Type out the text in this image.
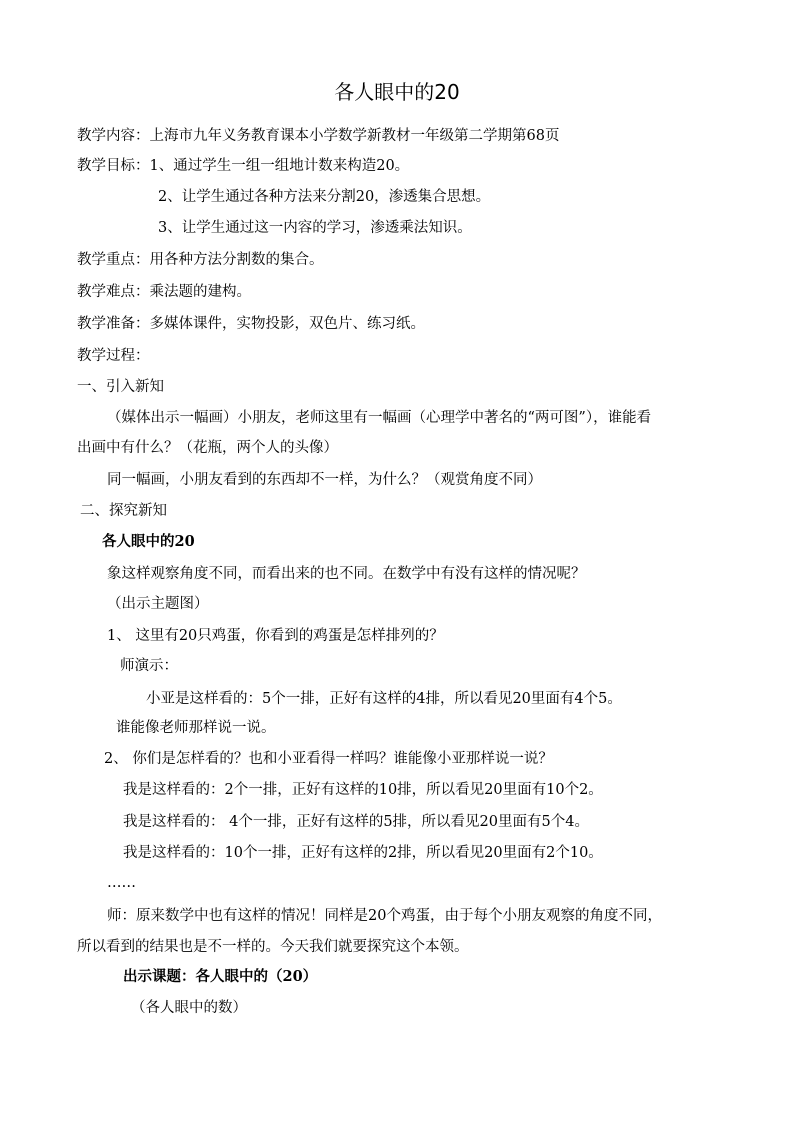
各人眼中的20
教学内容：上海市九年义务教育课本小学数学新教材一年级第二学期第68页
教学目标：1、通过学生一组一组地计数来构造20。
2、让学生通过各种方法来分割20，渗透集合思想。
3、让学生通过这一内容的学习，渗透乘法知识。
教学重点：用各种方法分割数的集合。
教学难点：乘法题的建构。
教学准备：多媒体课件，实物投影，双色片、练习纸。
教学过程：
一、引入新知
（媒体出示一幅画）小朋友，老师这里有一幅画（心理学中著名的“两可图”），谁能看
出画中有什么？（花瓶，两个人的头像）
同一幅画，小朋友看到的东西却不一样，为什么？（观赏角度不同）
二、探究新知
各人眼中的20
象这样观察角度不同，而看出来的也不同。在数学中有没有这样的情况呢？
（出示主题图）
1、 这里有20只鸡蛋，你看到的鸡蛋是怎样排列的？
师演示：
小亚是这样看的：5个一排，正好有这样的4排，所以看见20里面有4个5。
谁能像老师那样说一说。
2、 你们是怎样看的？也和小亚看得一样吗？谁能像小亚那样说一说？
我是这样看的：2个一排，正好有这样的10排，所以看见20里面有10个2。
我是这样看的： 4个一排，正好有这样的5排，所以看见20里面有5个4。
我是这样看的：10个一排，正好有这样的2排，所以看见20里面有2个10。
……
师：原来数学中也有这样的情况！同样是20个鸡蛋，由于每个小朋友观察的角度不同，
所以看到的结果也是不一样的。今天我们就要探究这个本领。
出示课题：各人眼中的（20）
（各人眼中的数）
